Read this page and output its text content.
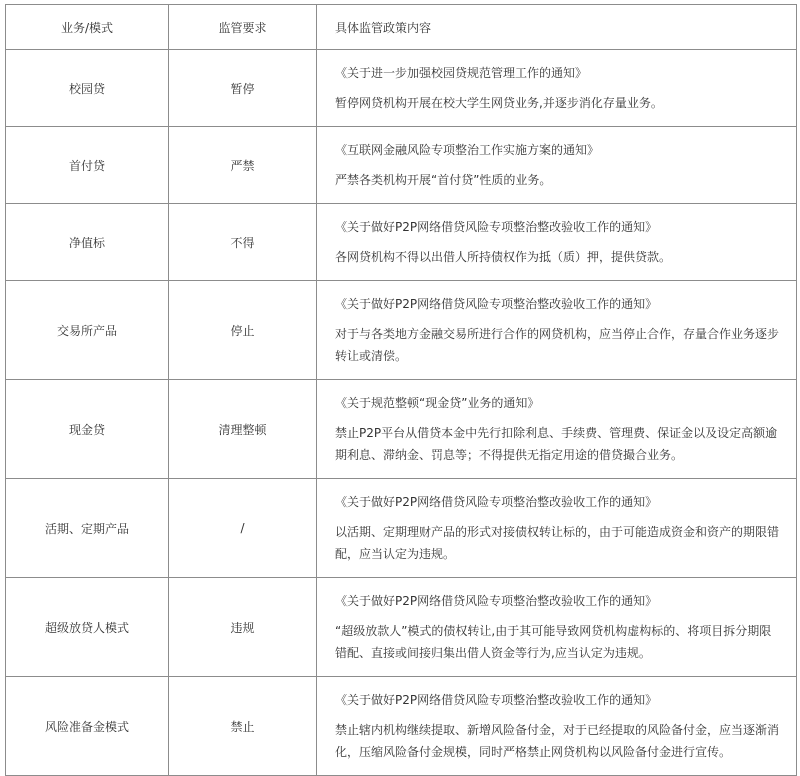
业务/模式	监管要求	具体监管政策内容
校园贷	暂停	《关于进一步加强校园贷规范管理工作的通知》
暂停网贷机构开展在校大学生网贷业务,并逐步消化存量业务。

首付贷	严禁	《互联网金融风险专项整治工作实施方案的通知》
严禁各类机构开展“首付贷”性质的业务。

净值标	不得	《关于做好P2P网络借贷风险专项整治整改验收工作的通知》
各网贷机构不得以出借人所持债权作为抵（质）押，提供贷款。

交易所产品	停止	《关于做好P2P网络借贷风险专项整治整改验收工作的通知》
对于与各类地方金融交易所进行合作的网贷机构，应当停止合作，存量合作业务逐步转让或清偿。

现金贷	清理整顿	《关于规范整顿“现金贷”业务的通知》
禁止P2P平台从借贷本金中先行扣除利息、手续费、管理费、保证金以及设定高额逾期利息、滞纳金、罚息等；不得提供无指定用途的借贷撮合业务。

活期、定期产品	/	《关于做好P2P网络借贷风险专项整治整改验收工作的通知》
以活期、定期理财产品的形式对接债权转让标的，由于可能造成资金和资产的期限错配，应当认定为违规。

超级放贷人模式	违规	《关于做好P2P网络借贷风险专项整治整改验收工作的通知》
“超级放款人”模式的债权转让,由于其可能导致网贷机构虚构标的、将项目拆分期限错配、直接或间接归集出借人资金等行为,应当认定为违规。

风险准备金模式	禁止	《关于做好P2P网络借贷风险专项整治整改验收工作的通知》
禁止辖内机构继续提取、新增风险备付金，对于已经提取的风险备付金，应当逐渐消化，压缩风险备付金规模，同时严格禁止网贷机构以风险备付金进行宣传。
